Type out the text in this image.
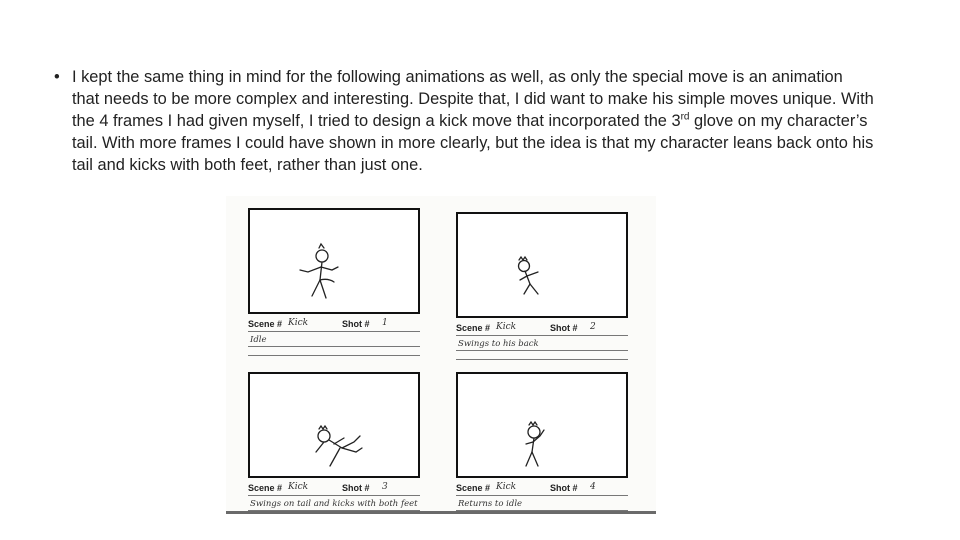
• I kept the same thing in mind for the following animations as well, as only the special move is an animation that needs to be more complex and interesting. Despite that, I did want to make his simple moves unique. With the 4 frames I had given myself, I tried to design a kick move that incorporated the 3rd glove on my character’s tail. With more frames I could have shown in more clearly, but the idea is that my character leans back onto his tail and kicks with both feet, rather than just one.
Scene # Kick	Shot # 1
Idle
Scene # Kick	Shot # 2
Swings to his back
Scene # Kick	Shot # 3
Swings on tail and kicks with both feet
Scene # Kick	Shot # 4
Returns to idle
